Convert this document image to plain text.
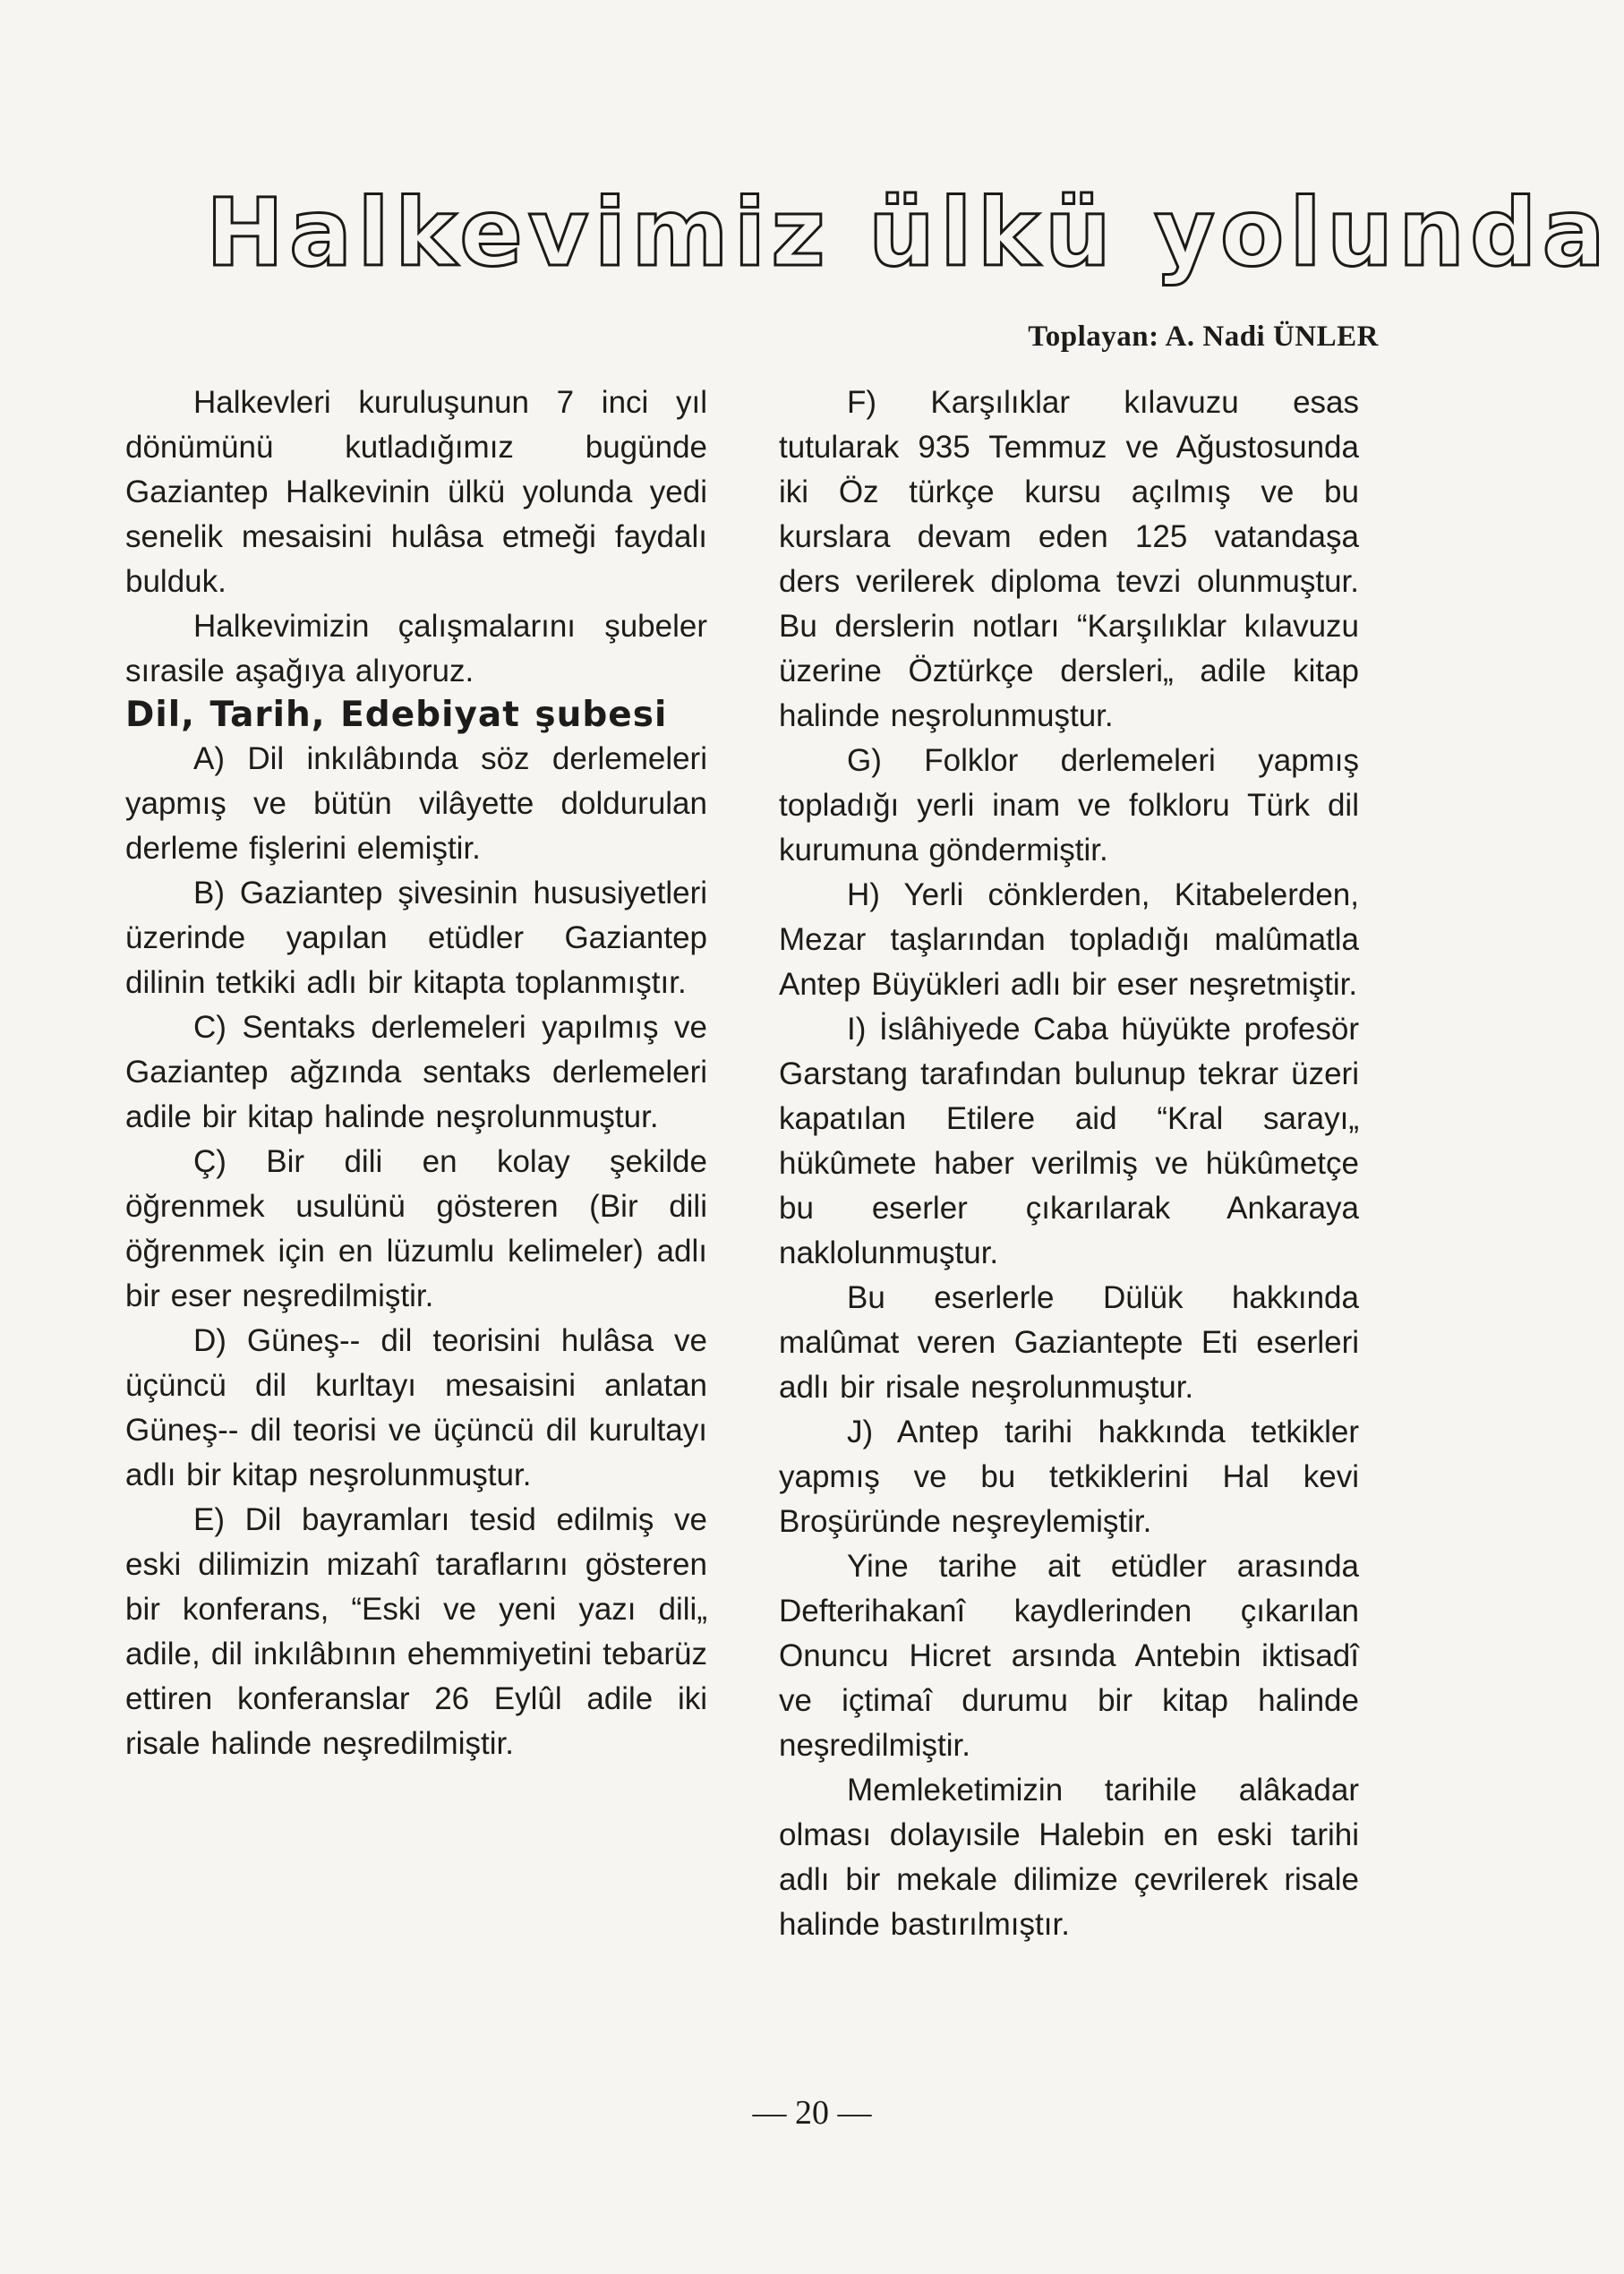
Halkevimiz ülkü yolunda
Toplayan: A. Nadi ÜNLER

Halkevleri kuruluşunun 7 inci yıl dönümünü kutladığımız bugünde Gaziantep Halkevinin ülkü yolunda yedi senelik mesaisini hulâsa etmeği faydalı bulduk.

Halkevimizin çalışmalarını şubeler sırasile aşağıya alıyoruz.

Dil, Tarih, Edebiyat şubesi

A) Dil inkılâbında söz derlemeleri yapmış ve bütün vilâyette doldurulan derleme fişlerini elemiştir.

B) Gaziantep şivesinin hususiyetleri üzerinde yapılan etüdler Gaziantep dilinin tetkiki adlı bir kitapta toplanmıştır.

C) Sentaks derlemeleri yapılmış ve Gaziantep ağzında sentaks derlemeleri adile bir kitap halinde neşrolunmuştur.

Ç) Bir dili en kolay şekilde öğrenmek usulünü gösteren (Bir dili öğrenmek için en lüzumlu kelimeler) adlı bir eser neşredilmiştir.

D) Güneş-- dil teorisini hulâsa ve üçüncü dil kurltayı mesaisini anlatan Güneş-- dil teorisi ve üçüncü dil kurultayı adlı bir kitap neşrolunmuştur.

E) Dil bayramları tesid edilmiş ve eski dilimizin mizahî taraflarını gösteren bir konferans, “Eski ve yeni yazı dili„ adile, dil inkılâbının ehemmiyetini tebarüz ettiren konferanslar 26 Eylûl adile iki risale halinde neşredilmiştir.

F) Karşılıklar kılavuzu esas tutularak 935 Temmuz ve Ağustosunda iki Öz türkçe kursu açılmış ve bu kurslara devam eden 125 vatandaşa ders verilerek diploma tevzi olunmuştur. Bu derslerin notları “Karşılıklar kılavuzu üzerine Öztürkçe dersleri„ adile kitap halinde neşrolunmuştur.

G) Folklor derlemeleri yapmış topladığı yerli inam ve folkloru Türk dil kurumuna göndermiştir.

H) Yerli cönklerden, Kitabelerden, Mezar taşlarından topladığı malûmatla Antep Büyükleri adlı bir eser neşretmiştir.

I) İslâhiyede Caba hüyükte profesör Garstang tarafından bulunup tekrar üzeri kapatılan Etilere aid “Kral sarayı„ hükûmete haber verilmiş ve hükûmetçe bu eserler çıkarılarak Ankaraya naklolunmuştur.

Bu eserlerle Dülük hakkında malûmat veren Gaziantepte Eti eserleri adlı bir risale neşrolunmuştur.

J) Antep tarihi hakkında tetkikler yapmış ve bu tetkiklerini Hal kevi Broşüründe neşreylemiştir.

Yine tarihe ait etüdler arasında Defterihakanî kaydlerinden çıkarılan Onuncu Hicret arsında Antebin iktisadî ve içtimaî durumu bir kitap halinde neşredilmiştir.

Memleketimizin tarihile alâkadar olması dolayısile Halebin en eski tarihi adlı bir mekale dilimize çevrilerek risale halinde bastırılmıştır.

— 20 —
